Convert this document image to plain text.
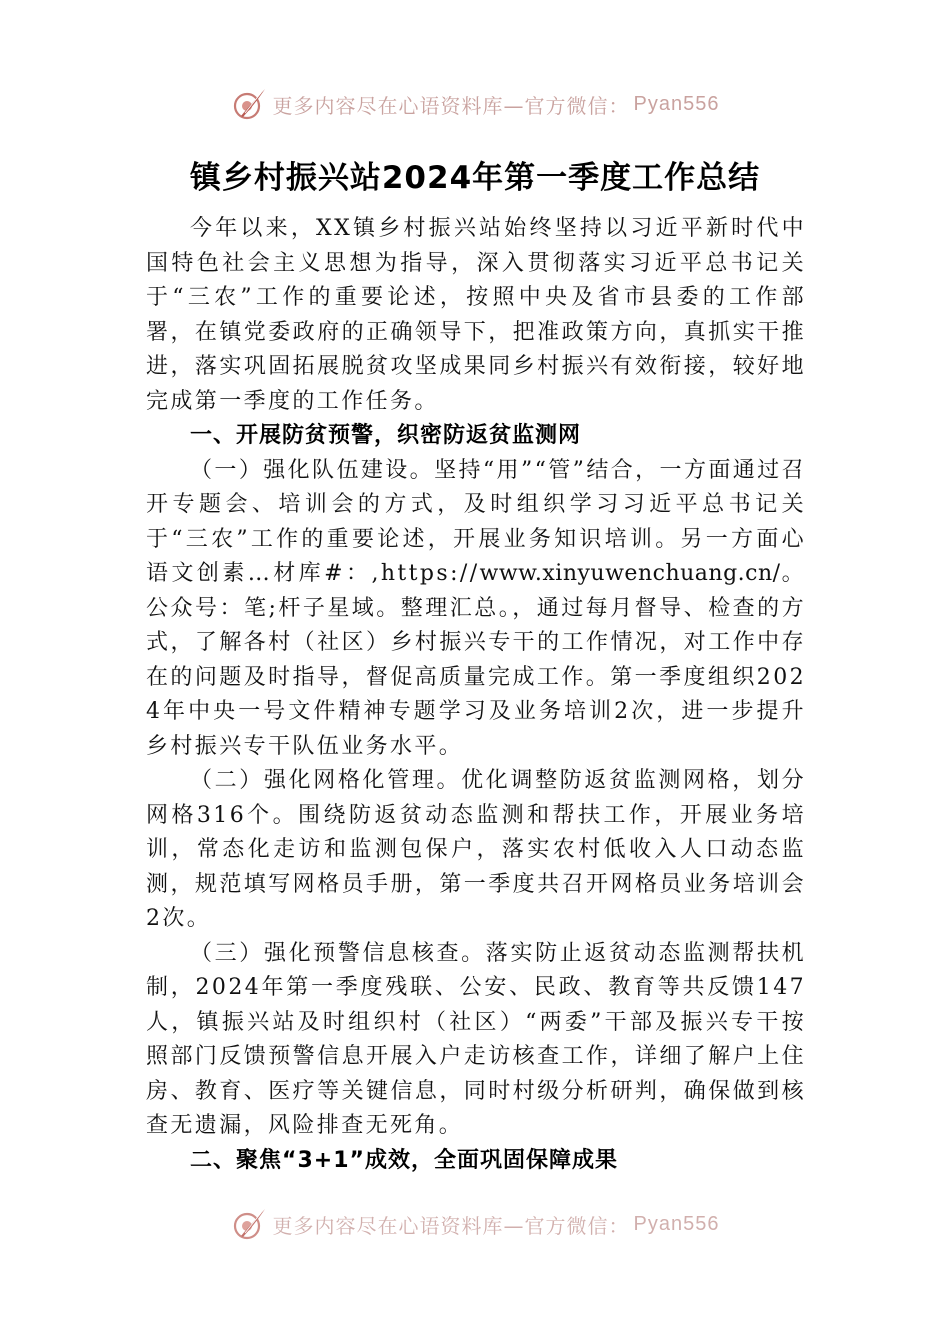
更多内容尽在心语资料库—官方微信： Pyan556
镇乡村振兴站2024年第一季度工作总结

今年以来，XX镇乡村振兴站始终坚持以习近平新时代中国特色社会主义思想为指导，深入贯彻落实习近平总书记关于“三农”工作的重要论述，按照中央及省市县委的工作部署，在镇党委政府的正确领导下，把准政策方向，真抓实干推进，落实巩固拓展脱贫攻坚成果同乡村振兴有效衔接，较好地完成第一季度的工作任务。

一、开展防贫预警，织密防返贫监测网

（一）强化队伍建设。坚持“用”“管”结合，一方面通过召开专题会、培训会的方式，及时组织学习习近平总书记关于“三农”工作的重要论述，开展业务知识培训。另一方面心语文创素…材库#：,https://www.xinyuwenchuang.cn/。公众号：笔;杆子星域。整理汇总。，通过每月督导、检查的方式，了解各村（社区）乡村振兴专干的工作情况，对工作中存在的问题及时指导，督促高质量完成工作。第一季度组织2024年中央一号文件精神专题学习及业务培训2次，进一步提升乡村振兴专干队伍业务水平。

（二）强化网格化管理。优化调整防返贫监测网格，划分网格316个。围绕防返贫动态监测和帮扶工作，开展业务培训，常态化走访和监测包保户，落实农村低收入人口动态监测，规范填写网格员手册，第一季度共召开网格员业务培训会2次。

（三）强化预警信息核查。落实防止返贫动态监测帮扶机制，2024年第一季度残联、公安、民政、教育等共反馈147人，镇振兴站及时组织村（社区）“两委”干部及振兴专干按照部门反馈预警信息开展入户走访核查工作，详细了解户上住房、教育、医疗等关键信息，同时村级分析研判，确保做到核查无遗漏，风险排查无死角。

二、聚焦“3+1”成效，全面巩固保障成果

更多内容尽在心语资料库—官方微信： Pyan556
